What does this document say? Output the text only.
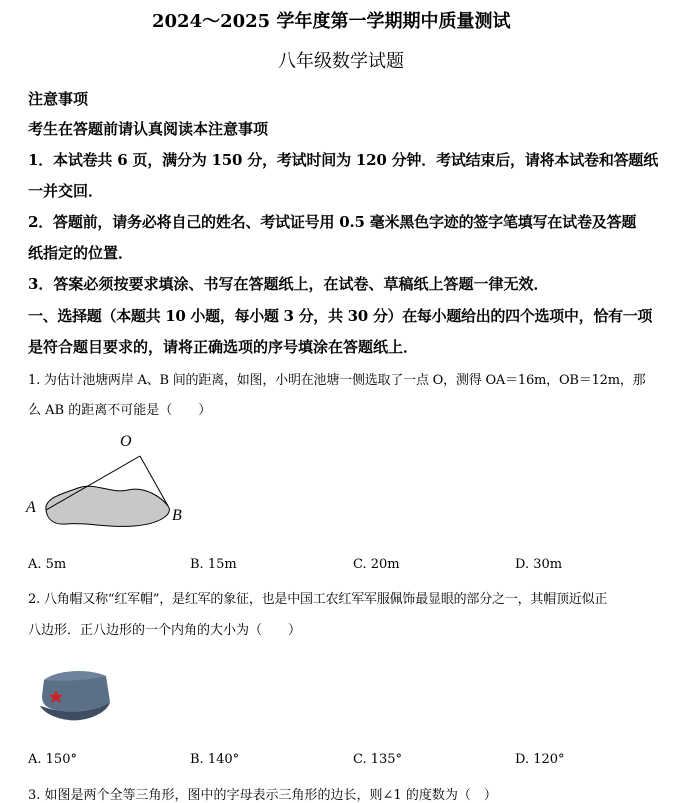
2024～2025 学年度第一学期期中质量测试
八年级数学试题
注意事项
考生在答题前请认真阅读本注意事项
1．本试卷共 6 页，满分为 150 分，考试时间为 120 分钟．考试结束后，请将本试卷和答题纸
一并交回．
2．答题前，请务必将自己的姓名、考试证号用 0.5 毫米黑色字迹的签字笔填写在试卷及答题
纸指定的位置．
3．答案必须按要求填涂、书写在答题纸上，在试卷、草稿纸上答题一律无效．
一、选择题（本题共 10 小题，每小题 3 分，共 30 分）在每小题给出的四个选项中，恰有一项
是符合题目要求的，请将正确选项的序号填涂在答题纸上．
1. 为估计池塘两岸 A、B 间的距离，如图，小明在池塘一侧选取了一点 O，测得 OA＝16m，OB＝12m，那
么 AB 的距离不可能是（　　）
O
A	B
A. 5m	B. 15m	C. 20m	D. 30m
2. 八角帽又称“红军帽”，是红军的象征，也是中国工农红军军服佩饰最显眼的部分之一，其帽顶近似正
八边形．正八边形的一个内角的大小为（　　）
A. 150°	B. 140°	C. 135°	D. 120°
3. 如图是两个全等三角形，图中的字母表示三角形的边长，则∠1 的度数为（　）
